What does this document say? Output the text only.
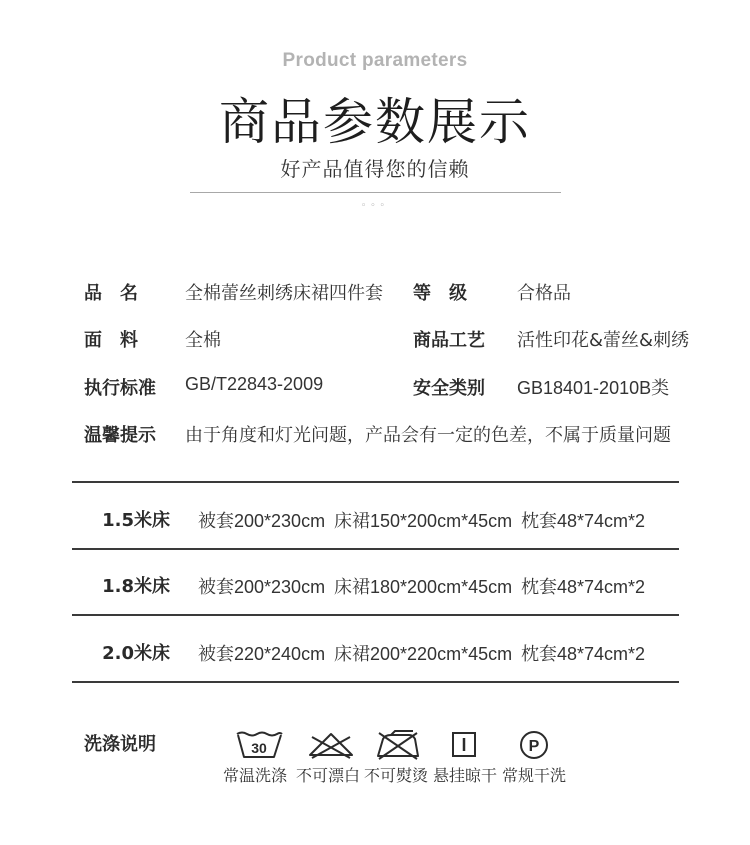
Product parameters
商品参数展示
好产品值得您的信赖
◦◦◦
品　名	全棉蕾丝刺绣床裙四件套 等　级	合格品
面　料	全棉	商品工艺 活性印花&蕾丝&刺绣
执行标准 GB/T22843-2009	安全类别 GB18401-2010B类
温馨提示 由于角度和灯光问题，产品会有一定的色差，不属于质量问题
1.5米床 被套200*230cm 床裙150*200cm*45cm 枕套48*74cm*2
1.8米床 被套200*230cm 床裙180*200cm*45cm 枕套48*74cm*2
2.0米床 被套220*240cm 床裙200*220cm*45cm 枕套48*74cm*2
洗涤说明	30	P
常温洗涤 不可漂白 不可熨烫 悬挂晾干 常规干洗
